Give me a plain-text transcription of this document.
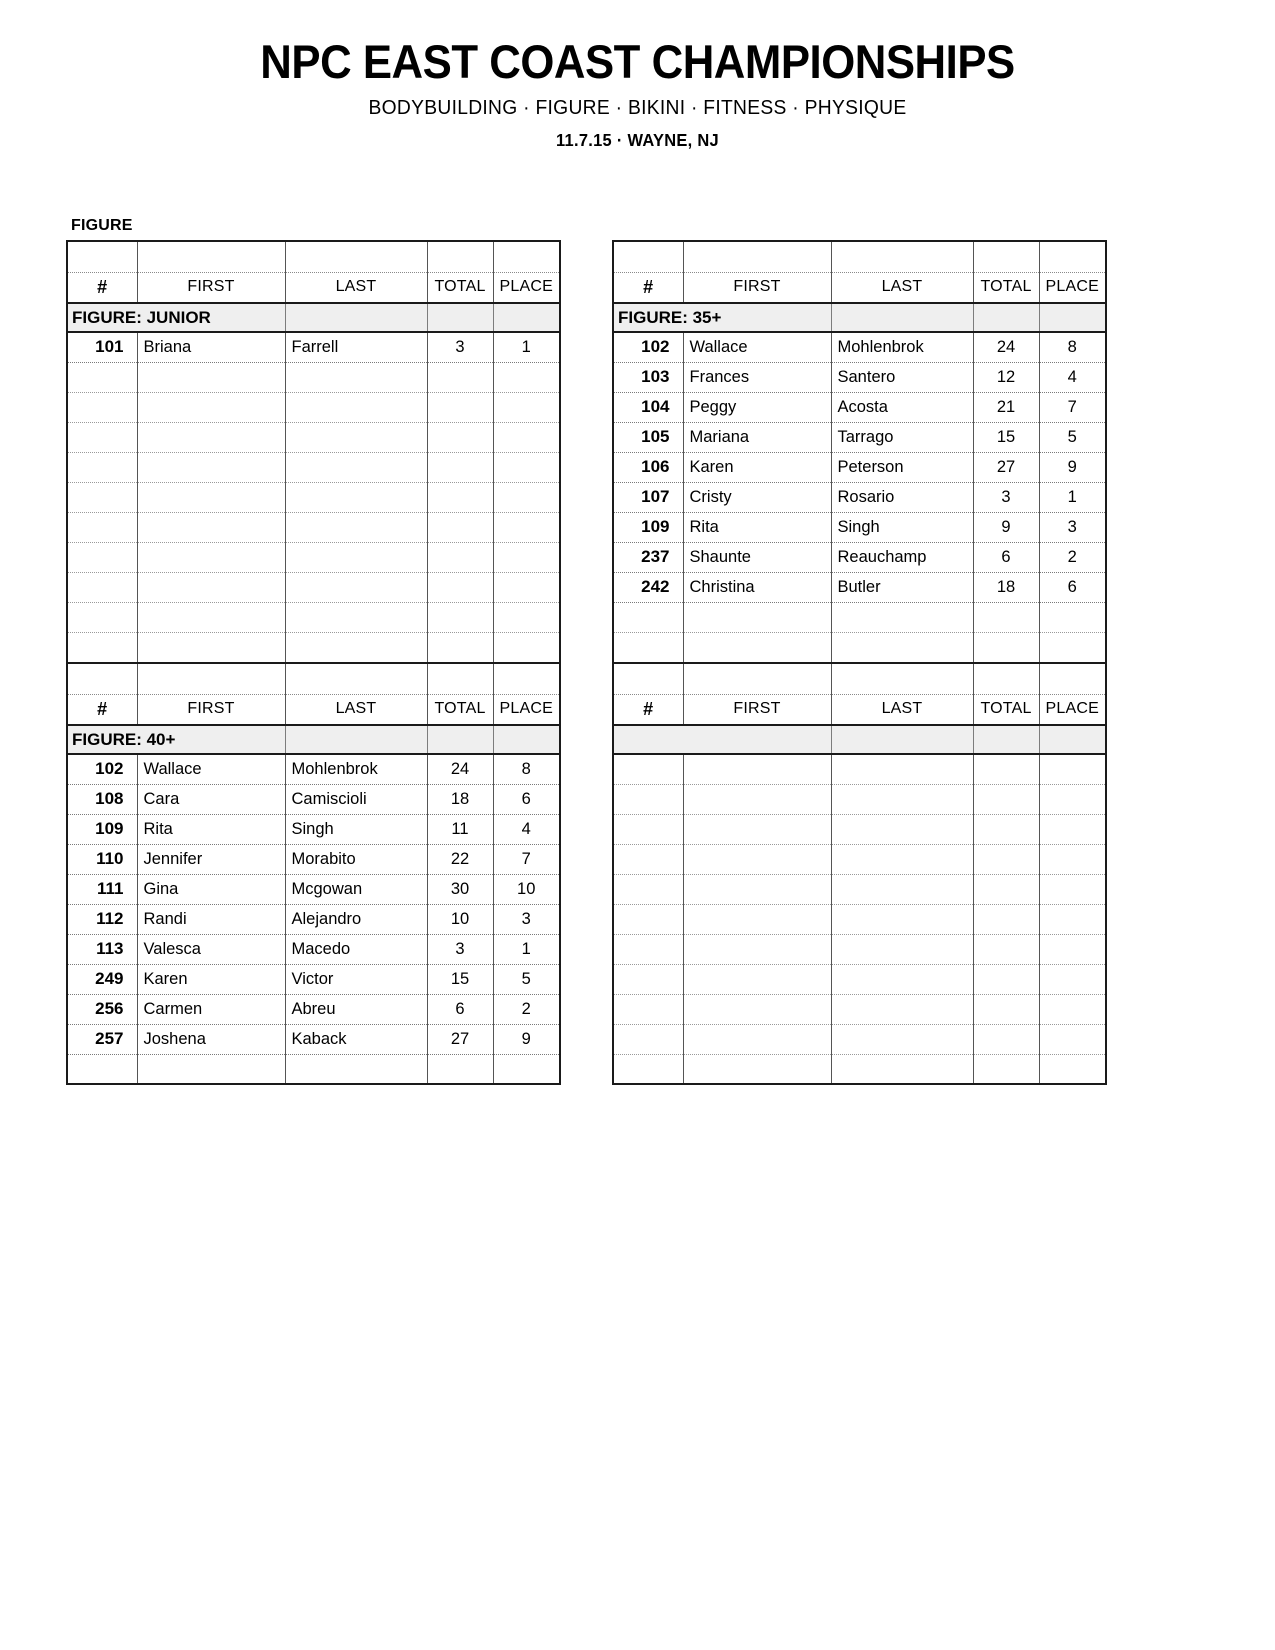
NPC EAST COAST CHAMPIONSHIPS
BODYBUILDING · FIGURE · BIKINI · FITNESS · PHYSIQUE
11.7.15 · WAYNE, NJ
FIGURE

#	FIRST	LAST	TOTAL	PLACE
FIGURE: JUNIOR				
101	Briana	Farrell	3	1

#	FIRST	LAST	TOTAL	PLACE
FIGURE: 40+				
102	Wallace	Mohlenbrok	24	8
108	Cara	Camiscioli	18	6
109	Rita	Singh	11	4
110	Jennifer	Morabito	22	7
111	Gina	Mcgowan	30	10
112	Randi	Alejandro	10	3
113	Valesca	Macedo	3	1
249	Karen	Victor	15	5
256	Carmen	Abreu	6	2
257	Joshena	Kaback	27	9

#	FIRST	LAST	TOTAL	PLACE
FIGURE: 35+				
102	Wallace	Mohlenbrok	24	8
103	Frances	Santero	12	4
104	Peggy	Acosta	21	7
105	Mariana	Tarrago	15	5
106	Karen	Peterson	27	9
107	Cristy	Rosario	3	1
109	Rita	Singh	9	3
237	Shaunte	Reauchamp	6	2
242	Christina	Butler	18	6

#	FIRST	LAST	TOTAL	PLACE
